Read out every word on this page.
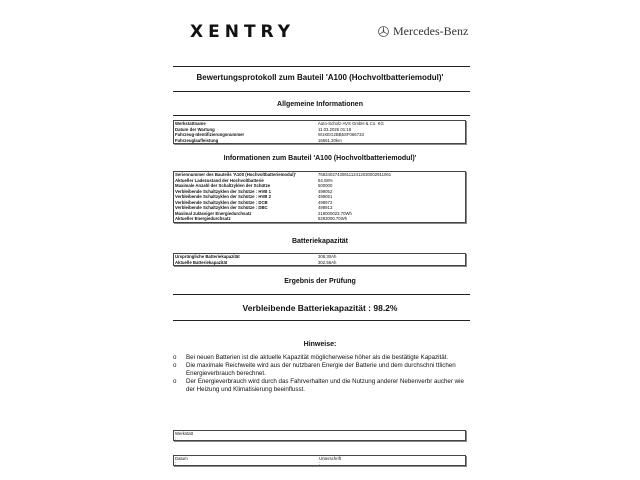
XENTRY	Mercedes-Benz
Bewertungsprotokoll zum Bauteil 'A100 (Hochvoltbatteriemodul)'
Allgemeine Informationen
Werkstattname	Auto-Scholz-AVS GmbH & Co. KG
Datum der Wartung	11.03.2026 01:18
Fahrzeug-Identifizierungsnummer	W1KEG2BB5SF066733
Fahrzeuglaufleistung	16651.20km
Informationen zum Bauteil 'A100 (Hochvoltbatteriemodul)'
Seriennummer des Bauteils 'A100 (Hochvoltbatteriemodul)'	7683402743081112412030002911061
Aktueller Ladezustand der Hochvoltbatterie	84.08%
Maximale Anzahl der Schaltzyklen der Schütze	500000
Verbleibende Schaltzyklen der Schütze : HVB 1	499052
Verbleibende Schaltzyklen der Schütze : HVB 2	499051
Verbleibende Schaltzyklen der Schütze : DCB	498972
Verbleibende Schaltzyklen der Schütze : DBC	498913
Maximal zulässiger Energiedurchsatz	218000023.70Wh
Aktueller Energiedurchsatz	8293000.70Wh
Batteriekapazität
Ursprüngliche Batteriekapazität	308.30Ah
Aktuelle Batteriekapazität	302.56Ah
Ergebnis der Prüfung
Verbleibende Batteriekapazität : 98.2%
Hinweise:
o	Bei neuen Batterien ist die aktuelle Kapazität möglicherweise höher als die bestätigte Kapazität.
o	Die maximale Reichweite wird aus der nutzbaren Energie der Batterie und dem durchschni ttlichen Energieverbrauch berechnet.
o	Der Energieverbrauch wird durch das Fahrverhalten und die Nutzung anderer Nebenverbr aucher wie der Heizung und Klimatisierung beeinflusst.
Werkstatt
:
Datum
:
Unterschrift
:
